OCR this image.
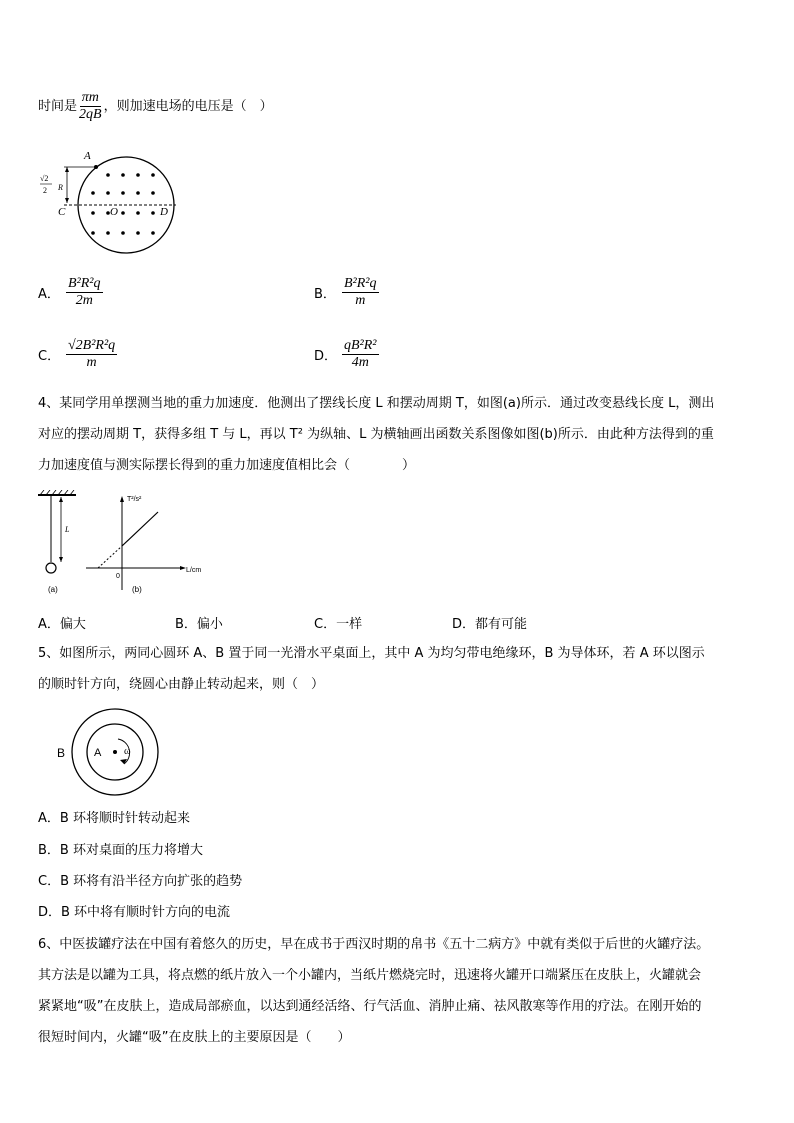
时间是 $\frac{\pi m}{2qB}$ ，则加速电场的电压是（　）
A
C	D
O
R
√2
2
A． $\frac{\text{B²R²q}}{2m}$	B． $\frac{\text{B²R²q}}{m}$
C． $\frac{\text{√2B²R²q}}{m}$	D． $\frac{\text{qB²R²}}{4m}$
4、某同学用单摆测当地的重力加速度．他测出了摆线长度 L 和摆动周期 T，如图(a)所示．通过改变悬线长度 L，测出
对应的摆动周期 T，获得多组 T 与 L，再以 T² 为纵轴、L 为横轴画出函数关系图像如图(b)所示．由此种方法得到的重
力加速度值与测实际摆长得到的重力加速度值相比会（　　　　）
L
(a)
T²/s²
L/cm
0
(b)
A．偏大	B．偏小	C．一样	D．都有可能
5、如图所示，两同心圆环 A、B 置于同一光滑水平桌面上，其中 A 为均匀带电绝缘环，B 为导体环，若 A 环以图示
的顺时针方向，绕圆心由静止转动起来，则（　）
B	A ω
A．B 环将顺时针转动起来
B．B 环对桌面的压力将增大
C．B 环将有沿半径方向扩张的趋势
D．B 环中将有顺时针方向的电流
6、中医拔罐疗法在中国有着悠久的历史，早在成书于西汉时期的帛书《五十二病方》中就有类似于后世的火罐疗法。
其方法是以罐为工具，将点燃的纸片放入一个小罐内，当纸片燃烧完时，迅速将火罐开口端紧压在皮肤上，火罐就会
紧紧地“吸”在皮肤上，造成局部瘀血，以达到通经活络、行气活血、消肿止痛、祛风散寒等作用的疗法。在刚开始的
很短时间内，火罐“吸”在皮肤上的主要原因是（　　）
